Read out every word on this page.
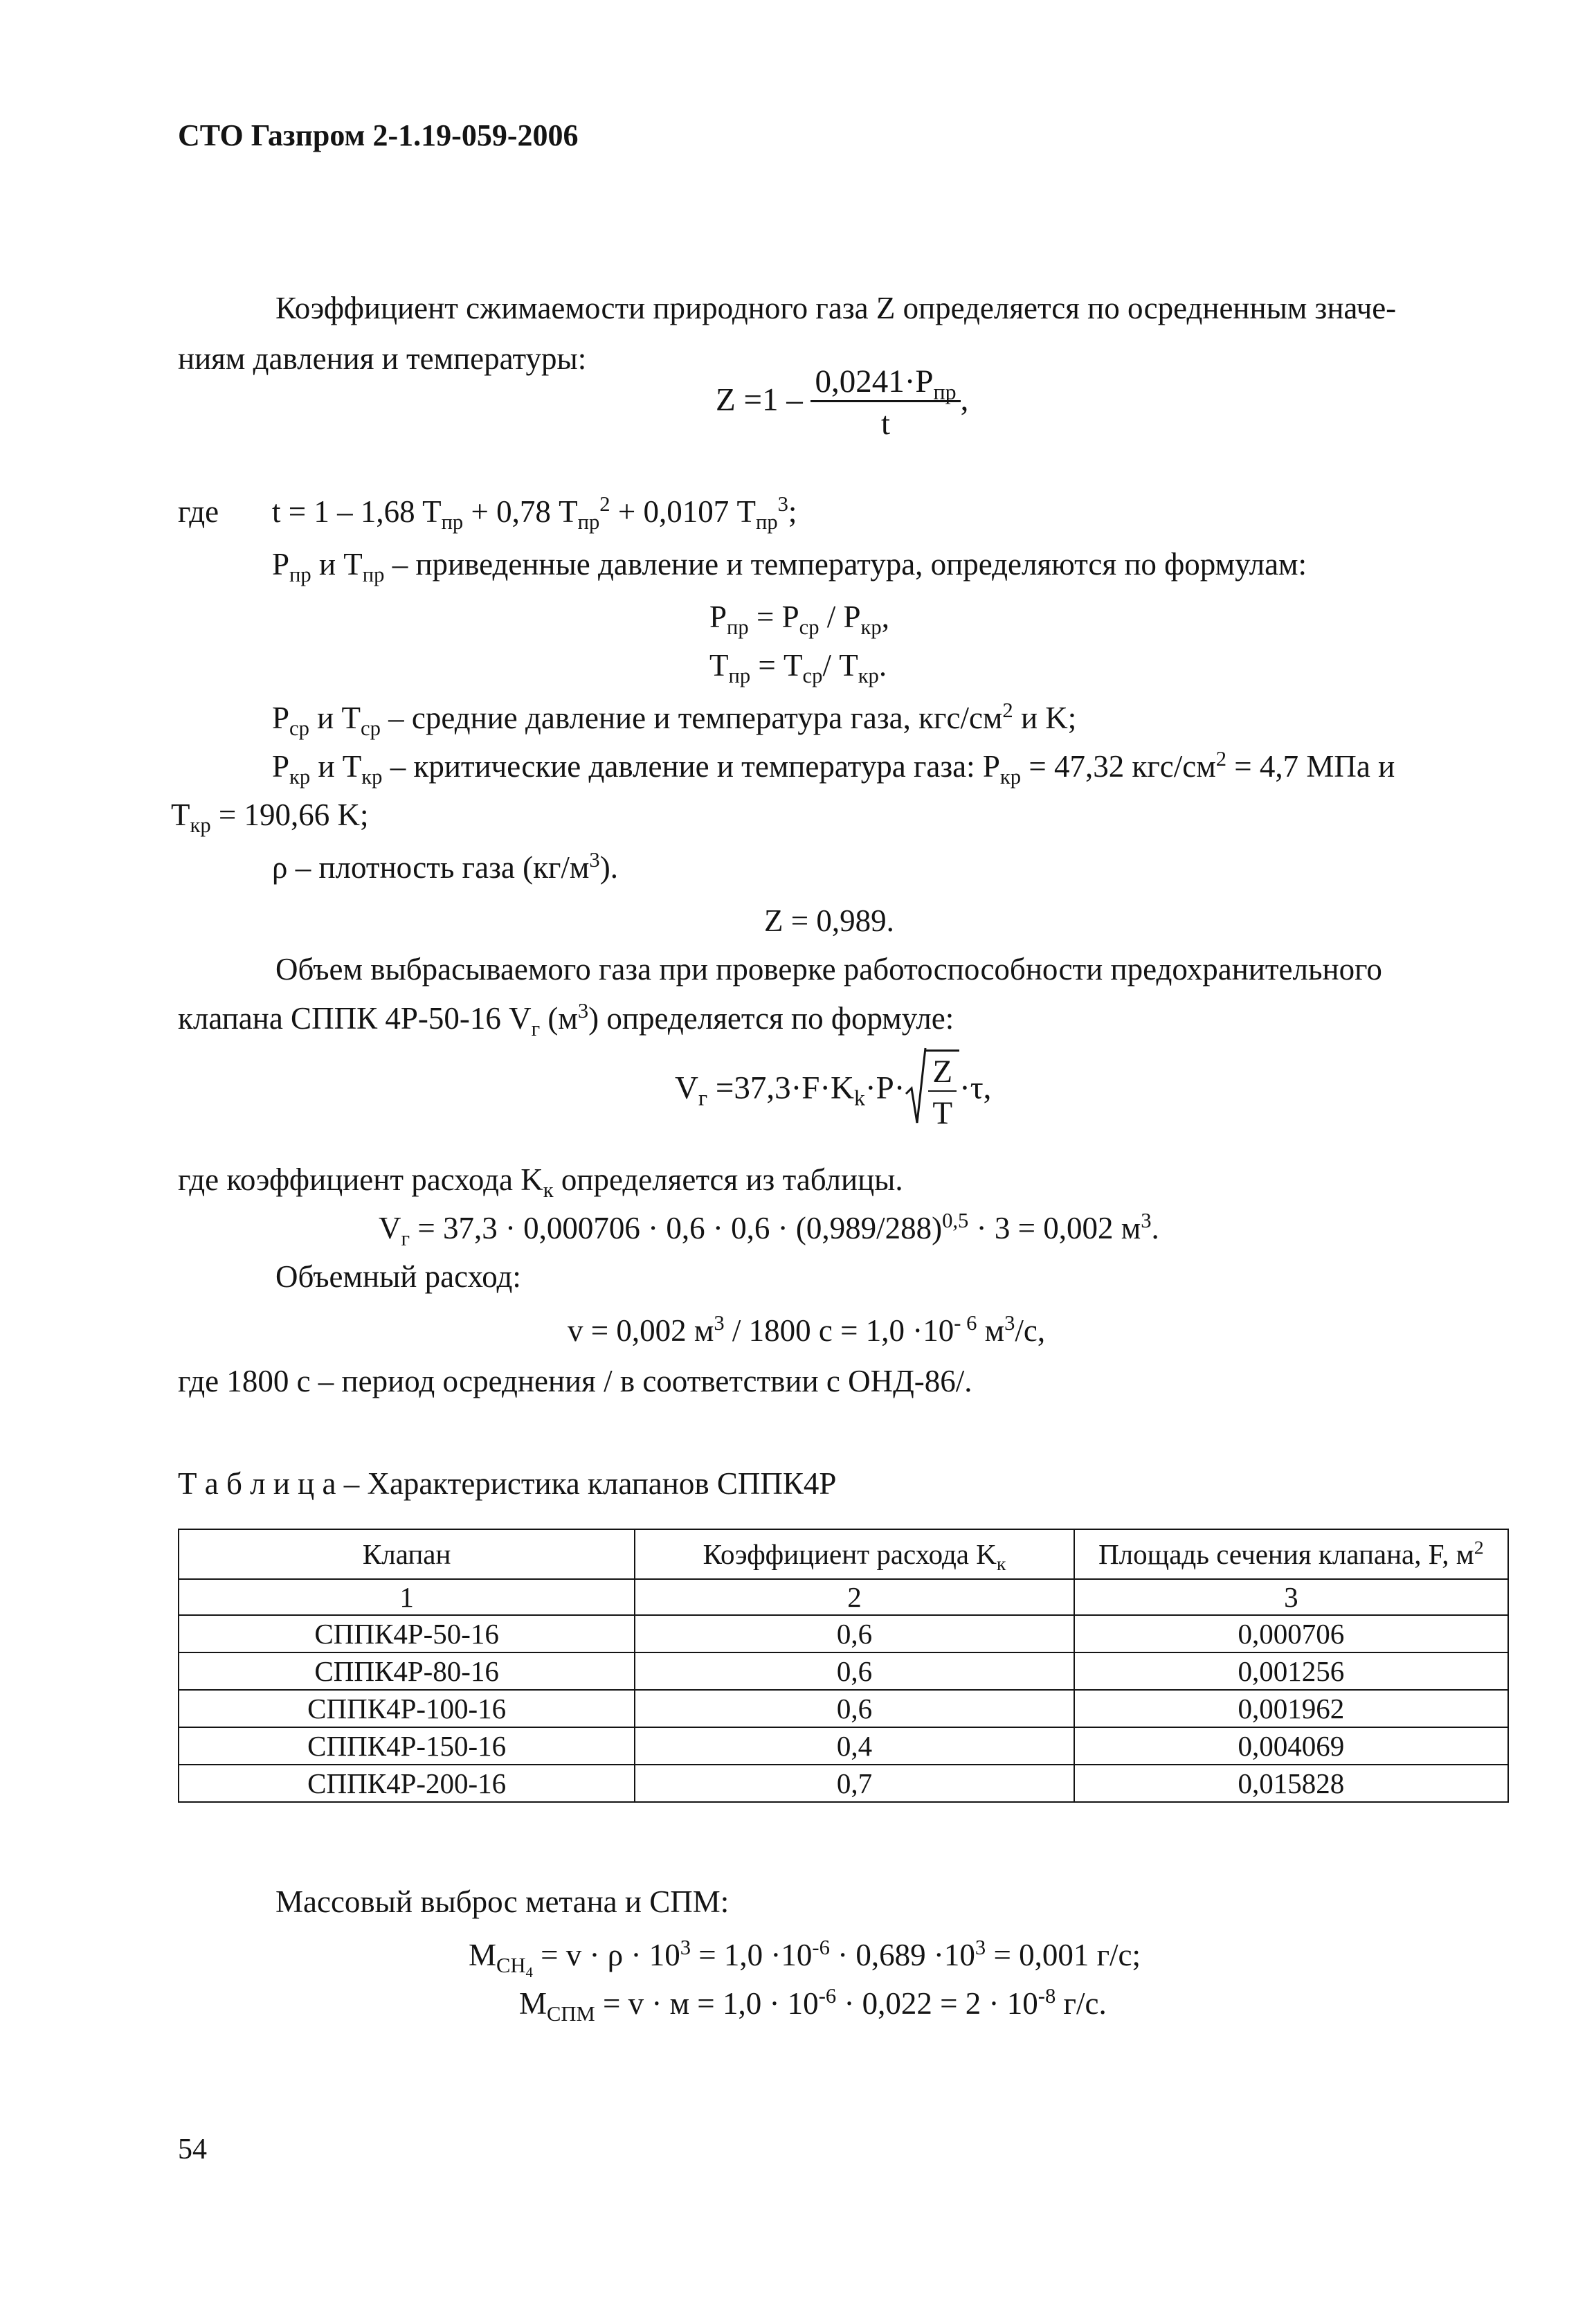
СТО Газпром 2-1.19-059-2006
Коэффициент сжимаемости природного газа Z определяется по осредненным значе-
ниям давления и температуры:
$Z =1 - \frac{0,0241\cdot P_{пр}}{t}$ ,
где t = 1 – 1,68 $T_{пр} + 0,78$ $T_{пр}^2 + 0,0107$ $T_{пр}^3$;
$P_{пр}$ и $T_{пр}$ – приведенные давление и температура, определяются по формулам:
$P_{пр} = P_{ср} / P_{кр}$,
$T_{пр} = T_{ср}/$ $T_{кр}$.
$P_{ср}$ и $T_{ср}$ – средние давление и температура газа, кгс/$см^2$ и K;
$P_{кр}$ и $T_{кр}$ – критические давление и температура газа: $P_{кр} = 47,32$ кгс/$см^2 = 4,7$ МПа и
$T_{кр} = 190,66$ K;
ρ – плотность газа $(кг/м^3)$.
Z = 0,989.
Объем выбрасываемого газа при проверке работоспособности предохранительного
клапана СППК 4Р-50-16 $V_г$ $(м^3)$ определяется по формуле:
$V_г =37,3\cdot F\cdot K_k\cdot P\cdot \frac{Z}{T} \cdot\tau$,
где коэффициент расхода $K_к$ определяется из таблицы.
$V_г = 37,3 \cdot 0,000706 \cdot 0,6 \cdot 0,6 \cdot (0,989/288)^{0,5} \cdot 3 = 0,002$ $м^3$.
Объемный расход:
v = 0,002 $м^3 / 1800$ $с = 1,0 \cdot 10^{- 6}$ $м^3/с$,
где 1800 с – период осреднения / в соответствии с ОНД-86/.
Т а б л и ц а – Характеристика клапанов СППК4Р
Клапан	Коэффициент расхода $K_к$	Площадь сечения клапана, F, $м^2$
1	2	3
СППК4Р-50-16	0,6	0,000706
СППК4Р-80-16	0,6	0,001256
СППК4Р-100-16	0,6	0,001962
СППК4Р-150-16	0,4	0,004069
СППК4Р-200-16	0,7	0,015828
Массовый выброс метана и СПМ:
$M_{CH_4} = v \cdot \rho \cdot 10^3 = 1,0 \cdot 10^{-6} \cdot 0,689 \cdot 10^3 = 0,001$ г/с;
$M_{СПМ} = v \cdot м = 1,0 \cdot 10^{-6} \cdot 0,022 = 2 \cdot 10^{-8}$ г/с.
54
